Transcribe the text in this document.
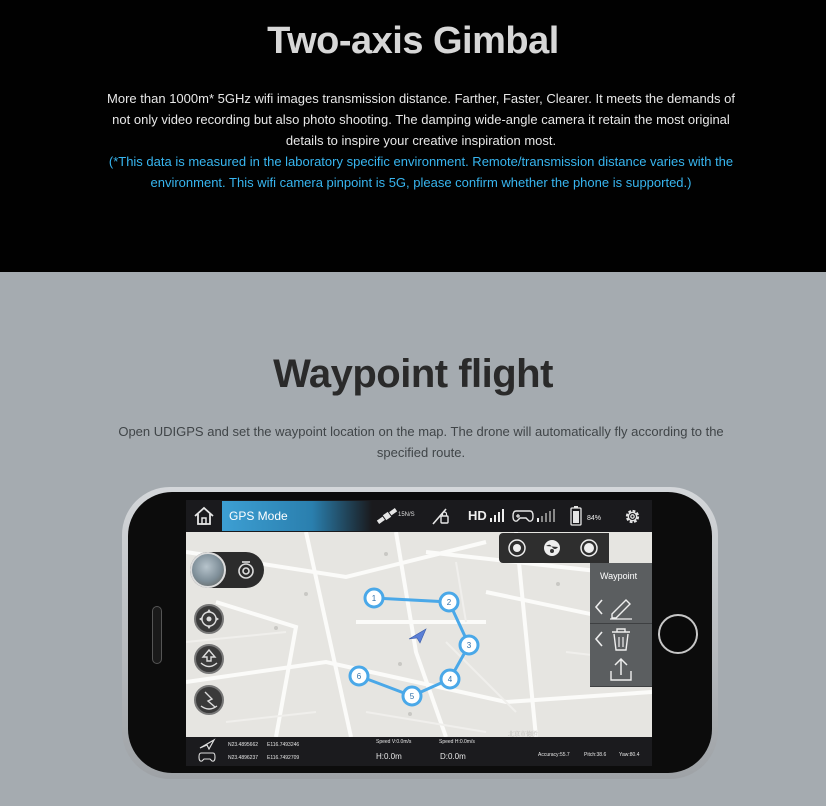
Two-axis Gimbal
More than 1000m* 5GHz wifi images transmission distance. Farther, Faster, Clearer. It meets the demands of
not only video recording but also photo shooting. The damping wide-angle camera it retain the most original
details to inspire your creative inspiration most.
(*This data is measured in the laboratory specific environment. Remote/transmission distance varies with the
environment. This wifi camera pinpoint is 5G, please confirm whether the phone is supported.)
Waypoint flight
Open UDIGPS and set the waypoint location on the map. The drone will automatically fly according to the
specified route.
北京市德胜
1	2
3
4
5
6
GPS Mode	15N/S	HD	84%
Waypoint
N23.4895662 E116.7493246
N23.4896237 E116.7492709
Speed V:0.0m/s	Speed H:0.0m/s
H:0.0m	D:0.0m	Accuracy:55.7	Pitch:38.6	Yaw:80.4
